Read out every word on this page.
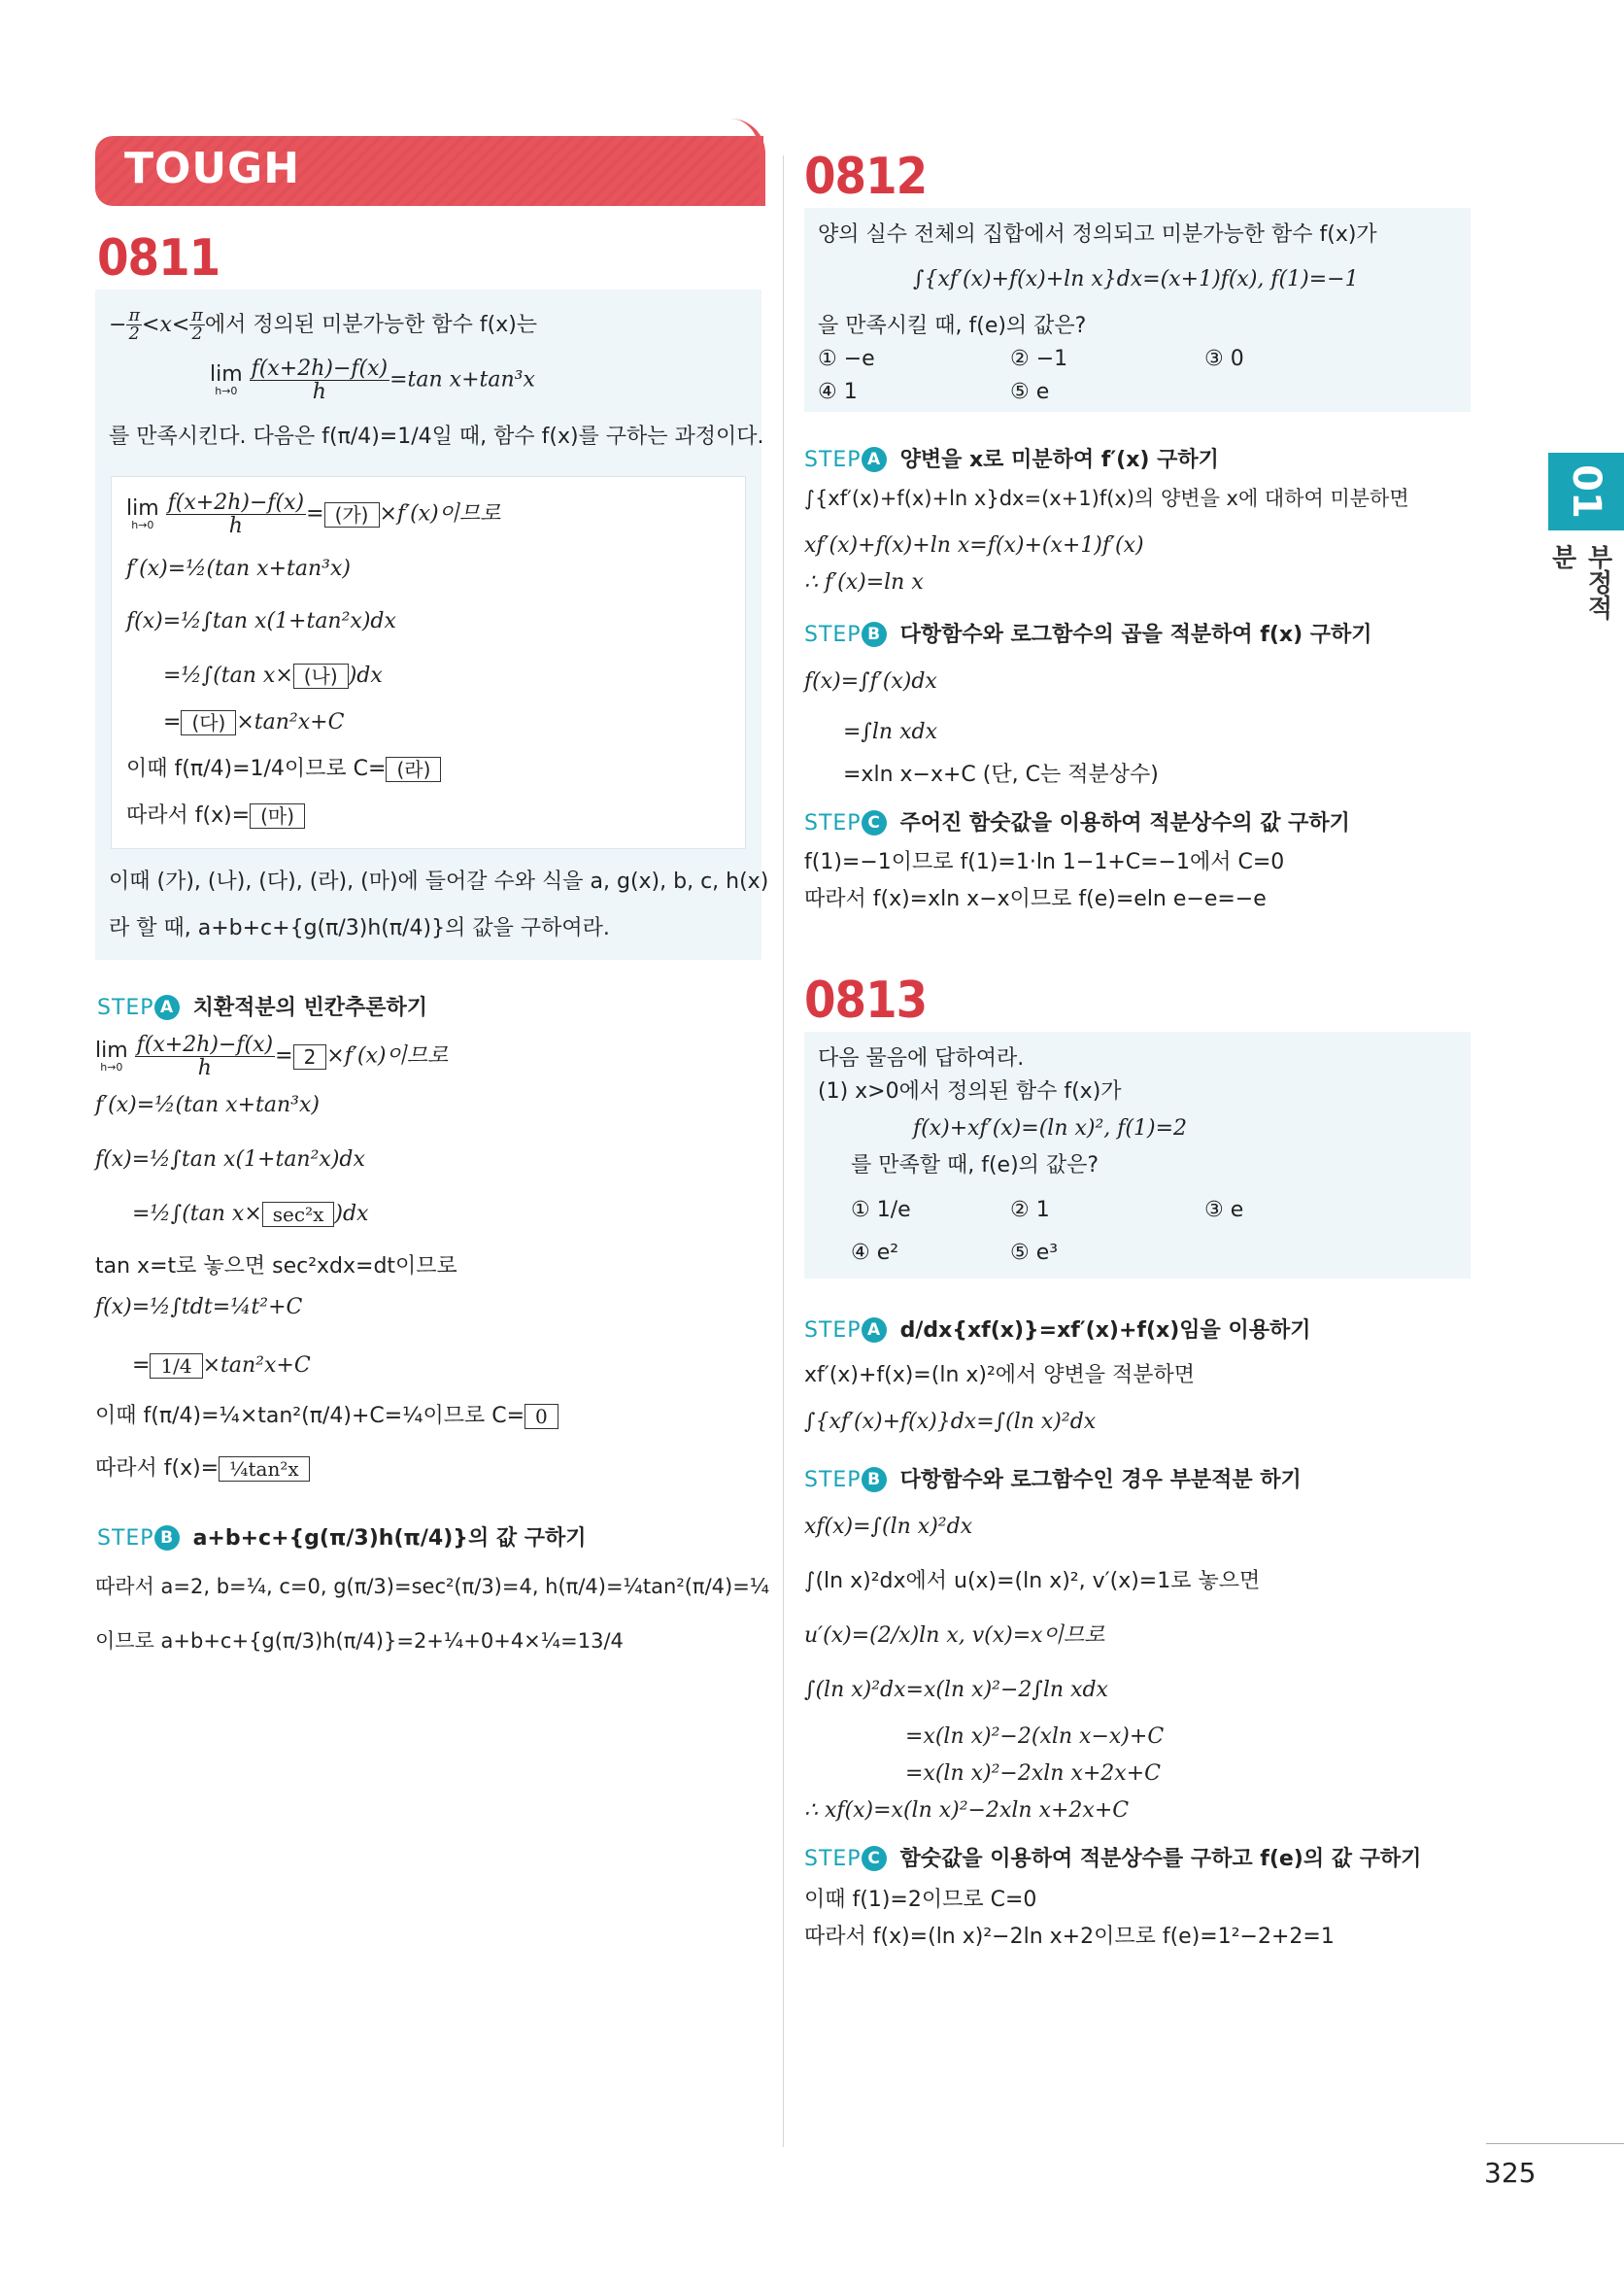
01
부정적분
TOUGH
0811
− $\frac{\pi}{2} <x< \frac{\pi}{2}$ 에서 정의된 미분가능한 함수 f(x)는
lim
h→0
$\frac{f(x+2h)-f(x)}{h} =\tan$ x+tan³x
를 만족시킨다. 다음은 f(π/4)=1/4일 때, 함수 f(x)를 구하는 과정이다.
lim
h→0
$\frac{f(x+2h)-f(x)}{h}$ = (가) ×f′(x)이므로
f′(x)=½(tan x+tan³x)
f(x)=½∫tan x(1+tan²x)dx
=½∫(tan x× (나) )dx
= (다) ×tan²x+C
이때 f(π/4)=1/4이므로 C= (라)
따라서 f(x)= (마)
이때 (가), (나), (다), (라), (마)에 들어갈 수와 식을 a, g(x), b, c, h(x)
라 할 때, a+b+c+{g(π/3)h(π/4)}의 값을 구하여라.
STEP A 치환적분의 빈칸추론하기
lim
h→0
$\frac{f(x+2h)-f(x)}{h} = 2 \times f'(x)$이므로
f′(x)=½(tan x+tan³x)
f(x)=½∫tan x(1+tan²x)dx
=½∫(tan x× sec²x )dx
tan x=t로 놓으면 sec²xdx=dt이므로
f(x)=½∫tdt=¼t²+C
= 1/4 ×tan²x+C
이때 f(π/4)=¼×tan²(π/4)+C=¼이므로 C= 0
따라서 f(x)= ¼tan²x
STEP B a+b+c+{g(π/3)h(π/4)}의 값 구하기
따라서 a=2, b=¼, c=0, g(π/3)=sec²(π/3)=4, h(π/4)=¼tan²(π/4)=¼
이므로 a+b+c+{g(π/3)h(π/4)}=2+¼+0+4×¼=13/4
0812
양의 실수 전체의 집합에서 정의되고 미분가능한 함수 f(x)가
∫{xf′(x)+f(x)+ln x}dx=(x+1)f(x), f(1)=−1
을 만족시킬 때, f(e)의 값은?
① −e	② −1	③ 0
④ 1	⑤ e
STEP A 양변을 x로 미분하여 f′(x) 구하기
∫{xf′(x)+f(x)+ln x}dx=(x+1)f(x)의 양변을 x에 대하여 미분하면
xf′(x)+f(x)+ln x=f(x)+(x+1)f′(x)
∴ f′(x)=ln x
STEP B 다항함수와 로그함수의 곱을 적분하여 f(x) 구하기
f(x)=∫f′(x)dx
=∫ln xdx
=xln x−x+C (단, C는 적분상수)
STEP C 주어진 함숫값을 이용하여 적분상수의 값 구하기
f(1)=−1이므로 f(1)=1·ln 1−1+C=−1에서 C=0
따라서 f(x)=xln x−x이므로 f(e)=eln e−e=−e
0813
다음 물음에 답하여라.
(1) x>0에서 정의된 함수 f(x)가
f(x)+xf′(x)=(ln x)², f(1)=2
를 만족할 때, f(e)의 값은?
① 1/e	② 1	③ e
④ e²	⑤ e³
STEP A d/dx{xf(x)}=xf′(x)+f(x)임을 이용하기
xf′(x)+f(x)=(ln x)²에서 양변을 적분하면
∫{xf′(x)+f(x)}dx=∫(ln x)²dx
STEP B 다항함수와 로그함수인 경우 부분적분 하기
xf(x)=∫(ln x)²dx
∫(ln x)²dx에서 u(x)=(ln x)², v′(x)=1로 놓으면
u′(x)=(2/x)ln x, v(x)=x이므로
∫(ln x)²dx=x(ln x)²−2∫ln xdx
=x(ln x)²−2(xln x−x)+C
=x(ln x)²−2xln x+2x+C
∴ xf(x)=x(ln x)²−2xln x+2x+C
STEP C 함숫값을 이용하여 적분상수를 구하고 f(e)의 값 구하기
이때 f(1)=2이므로 C=0
따라서 f(x)=(ln x)²−2ln x+2이므로 f(e)=1²−2+2=1
325
